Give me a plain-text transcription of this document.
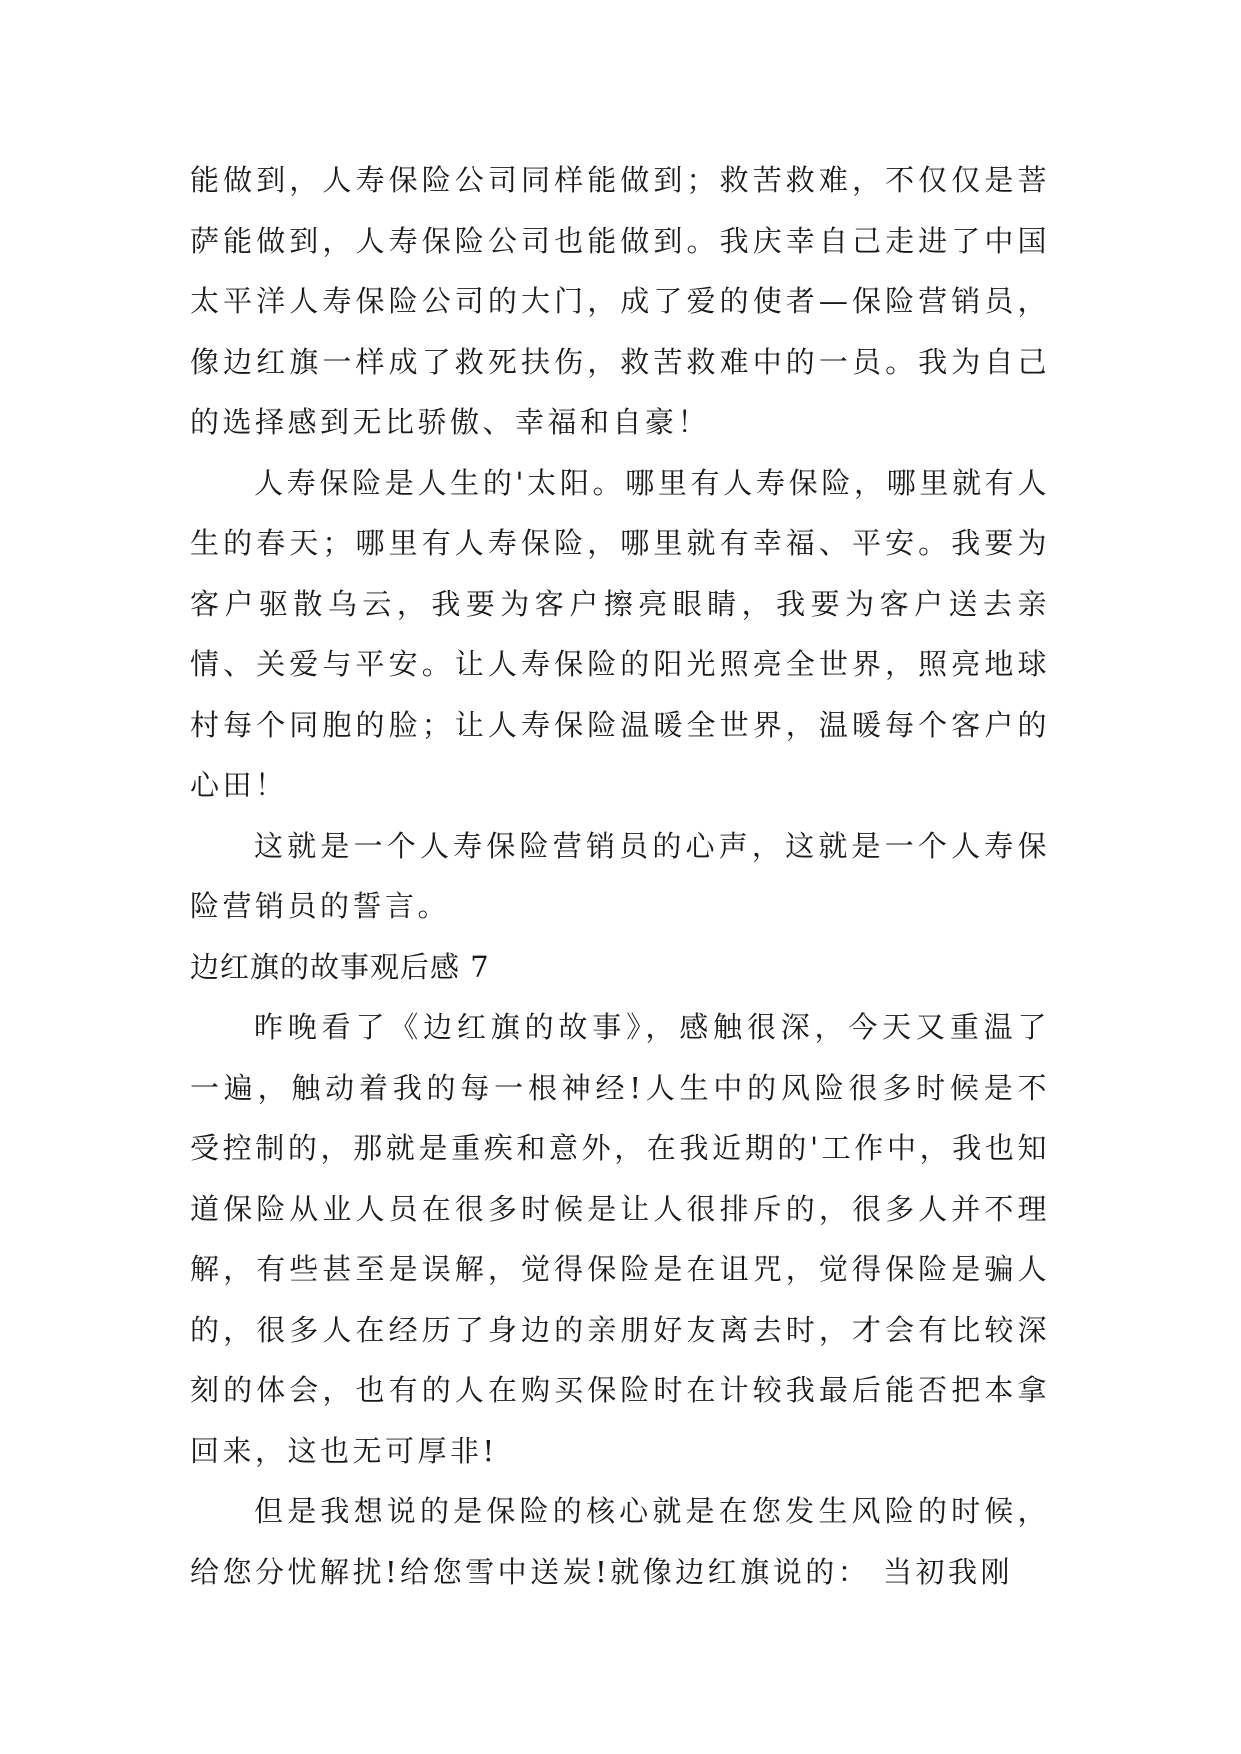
能做到，人寿保险公司同样能做到；救苦救难，不仅仅是菩萨能做到，人寿保险公司也能做到。我庆幸自己走进了中国太平洋人寿保险公司的大门，成了爱的使者—保险营销员，像边红旗一样成了救死扶伤，救苦救难中的一员。我为自己的选择感到无比骄傲、幸福和自豪！

人寿保险是人生的'太阳。哪里有人寿保险，哪里就有人生的春天；哪里有人寿保险，哪里就有幸福、平安。我要为客户驱散乌云，我要为客户擦亮眼睛，我要为客户送去亲情、关爱与平安。让人寿保险的阳光照亮全世界，照亮地球村每个同胞的脸；让人寿保险温暖全世界，温暖每个客户的心田！

这就是一个人寿保险营销员的心声，这就是一个人寿保险营销员的誓言。

边红旗的故事观后感 7

昨晚看了《边红旗的故事》，感触很深，今天又重温了一遍，触动着我的每一根神经!人生中的风险很多时候是不受控制的，那就是重疾和意外，在我近期的'工作中，我也知道保险从业人员在很多时候是让人很排斥的，很多人并不理解，有些甚至是误解，觉得保险是在诅咒，觉得保险是骗人的，很多人在经历了身边的亲朋好友离去时，才会有比较深刻的体会，也有的人在购买保险时在计较我最后能否把本拿回来，这也无可厚非!

但是我想说的是保险的核心就是在您发生风险的时候，给您分忧解扰!给您雪中送炭!就像边红旗说的： 当初我刚
